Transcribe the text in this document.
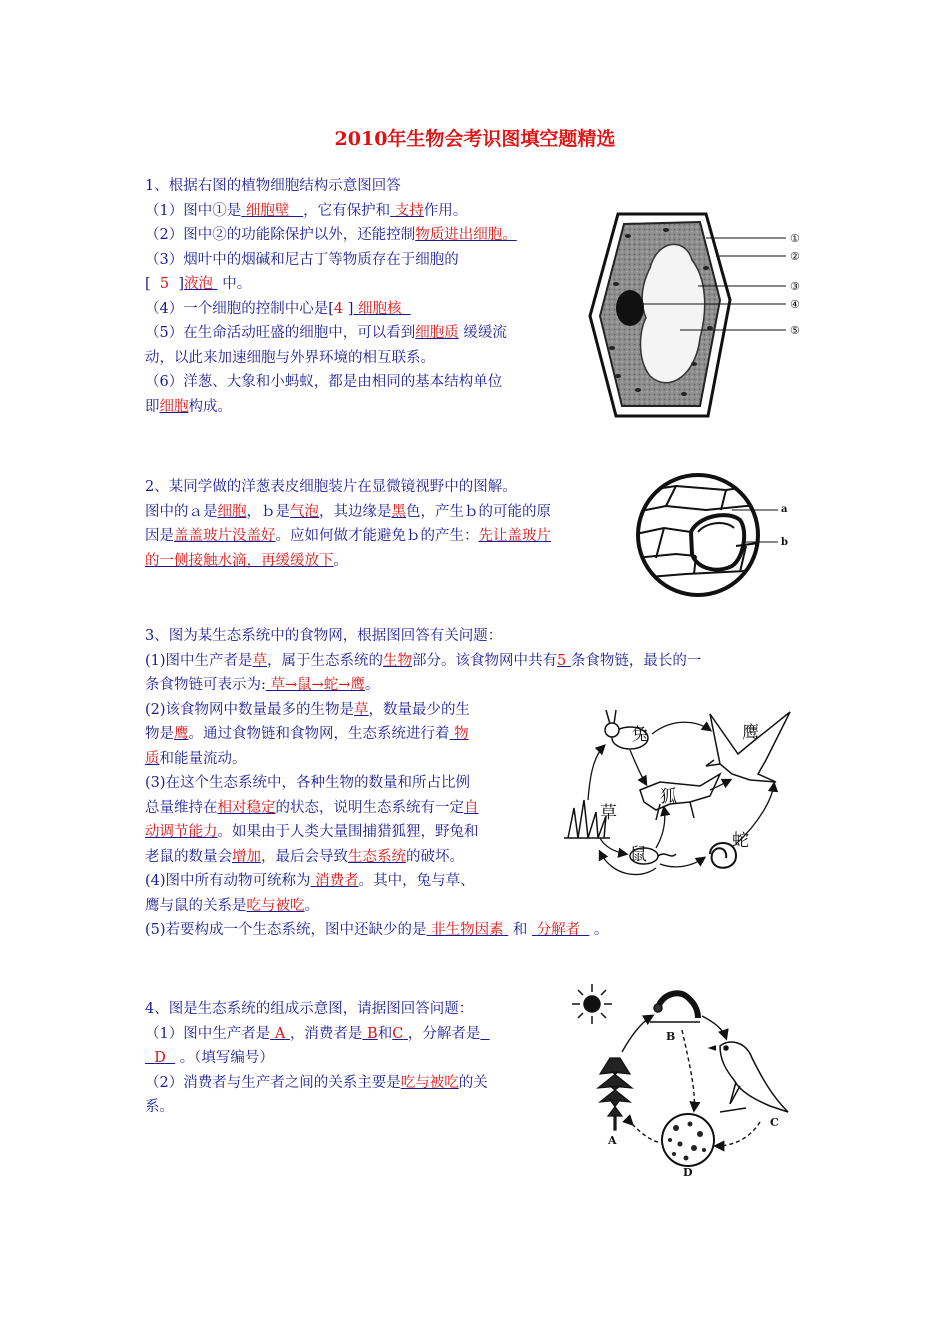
2010年生物会考识图填空题精选

1、根据右图的植物细胞结构示意图回答

（1）图中①是 细胞壁 ，它有保护和 支持作用。

（2）图中②的功能除保护以外，还能控制物质进出细胞。

（3）烟叶中的烟碱和尼古丁等物质存在于细胞的

[ 5 ]液泡 中。

（4）一个细胞的控制中心是[4 ] 细胞核

（5）在生命活动旺盛的细胞中，可以看到细胞质 缓缓流

动，以此来加速细胞与外界环境的相互联系。

（6）洋葱、大象和小蚂蚁，都是由相同的基本结构单位

即细胞构成。

①
②
③
④
⑤

2、某同学做的洋葱表皮细胞装片在显微镜视野中的图解。

图中的ａ是细胞，ｂ是气泡，其边缘是黑色，产生ｂ的可能的原

因是盖盖玻片没盖好。应如何做才能避免ｂ的产生：先让盖玻片

的一侧接触水滴，再缓缓放下。

a
b

3、图为某生态系统中的食物网，根据图回答有关问题：

(1)图中生产者是草，属于生态系统的生物部分。该食物网中共有5 条食物链，最长的一

条食物链可表示为: 草→鼠→蛇→鹰。

(2)该食物网中数量最多的生物是草，数量最少的生

物是鹰。通过食物链和食物网，生态系统进行着 物

质和能量流动。

(3)在这个生态系统中，各种生物的数量和所占比例

总量维持在相对稳定的状态，说明生态系统有一定自

动调节能力。如果由于人类大量围捕猎狐狸，野兔和

老鼠的数量会增加，最后会导致生态系统的破坏。

(4)图中所有动物可统称为 消费者。其中，兔与草、

鹰与鼠的关系是吃与被吃。

(5)若要构成一个生态系统，图中还缺少的是 非生物因素 和 分解者 。

兔	鹰
狐
草
鼠
蛇

4、图是生态系统的组成示意图，请据图回答问题：

（1）图中生产者是 A ，消费者是 B和C ，分解者是

D 。（填写编号）

（2）消费者与生产者之间的关系主要是吃与被吃的关

系。

A
B
C
D
